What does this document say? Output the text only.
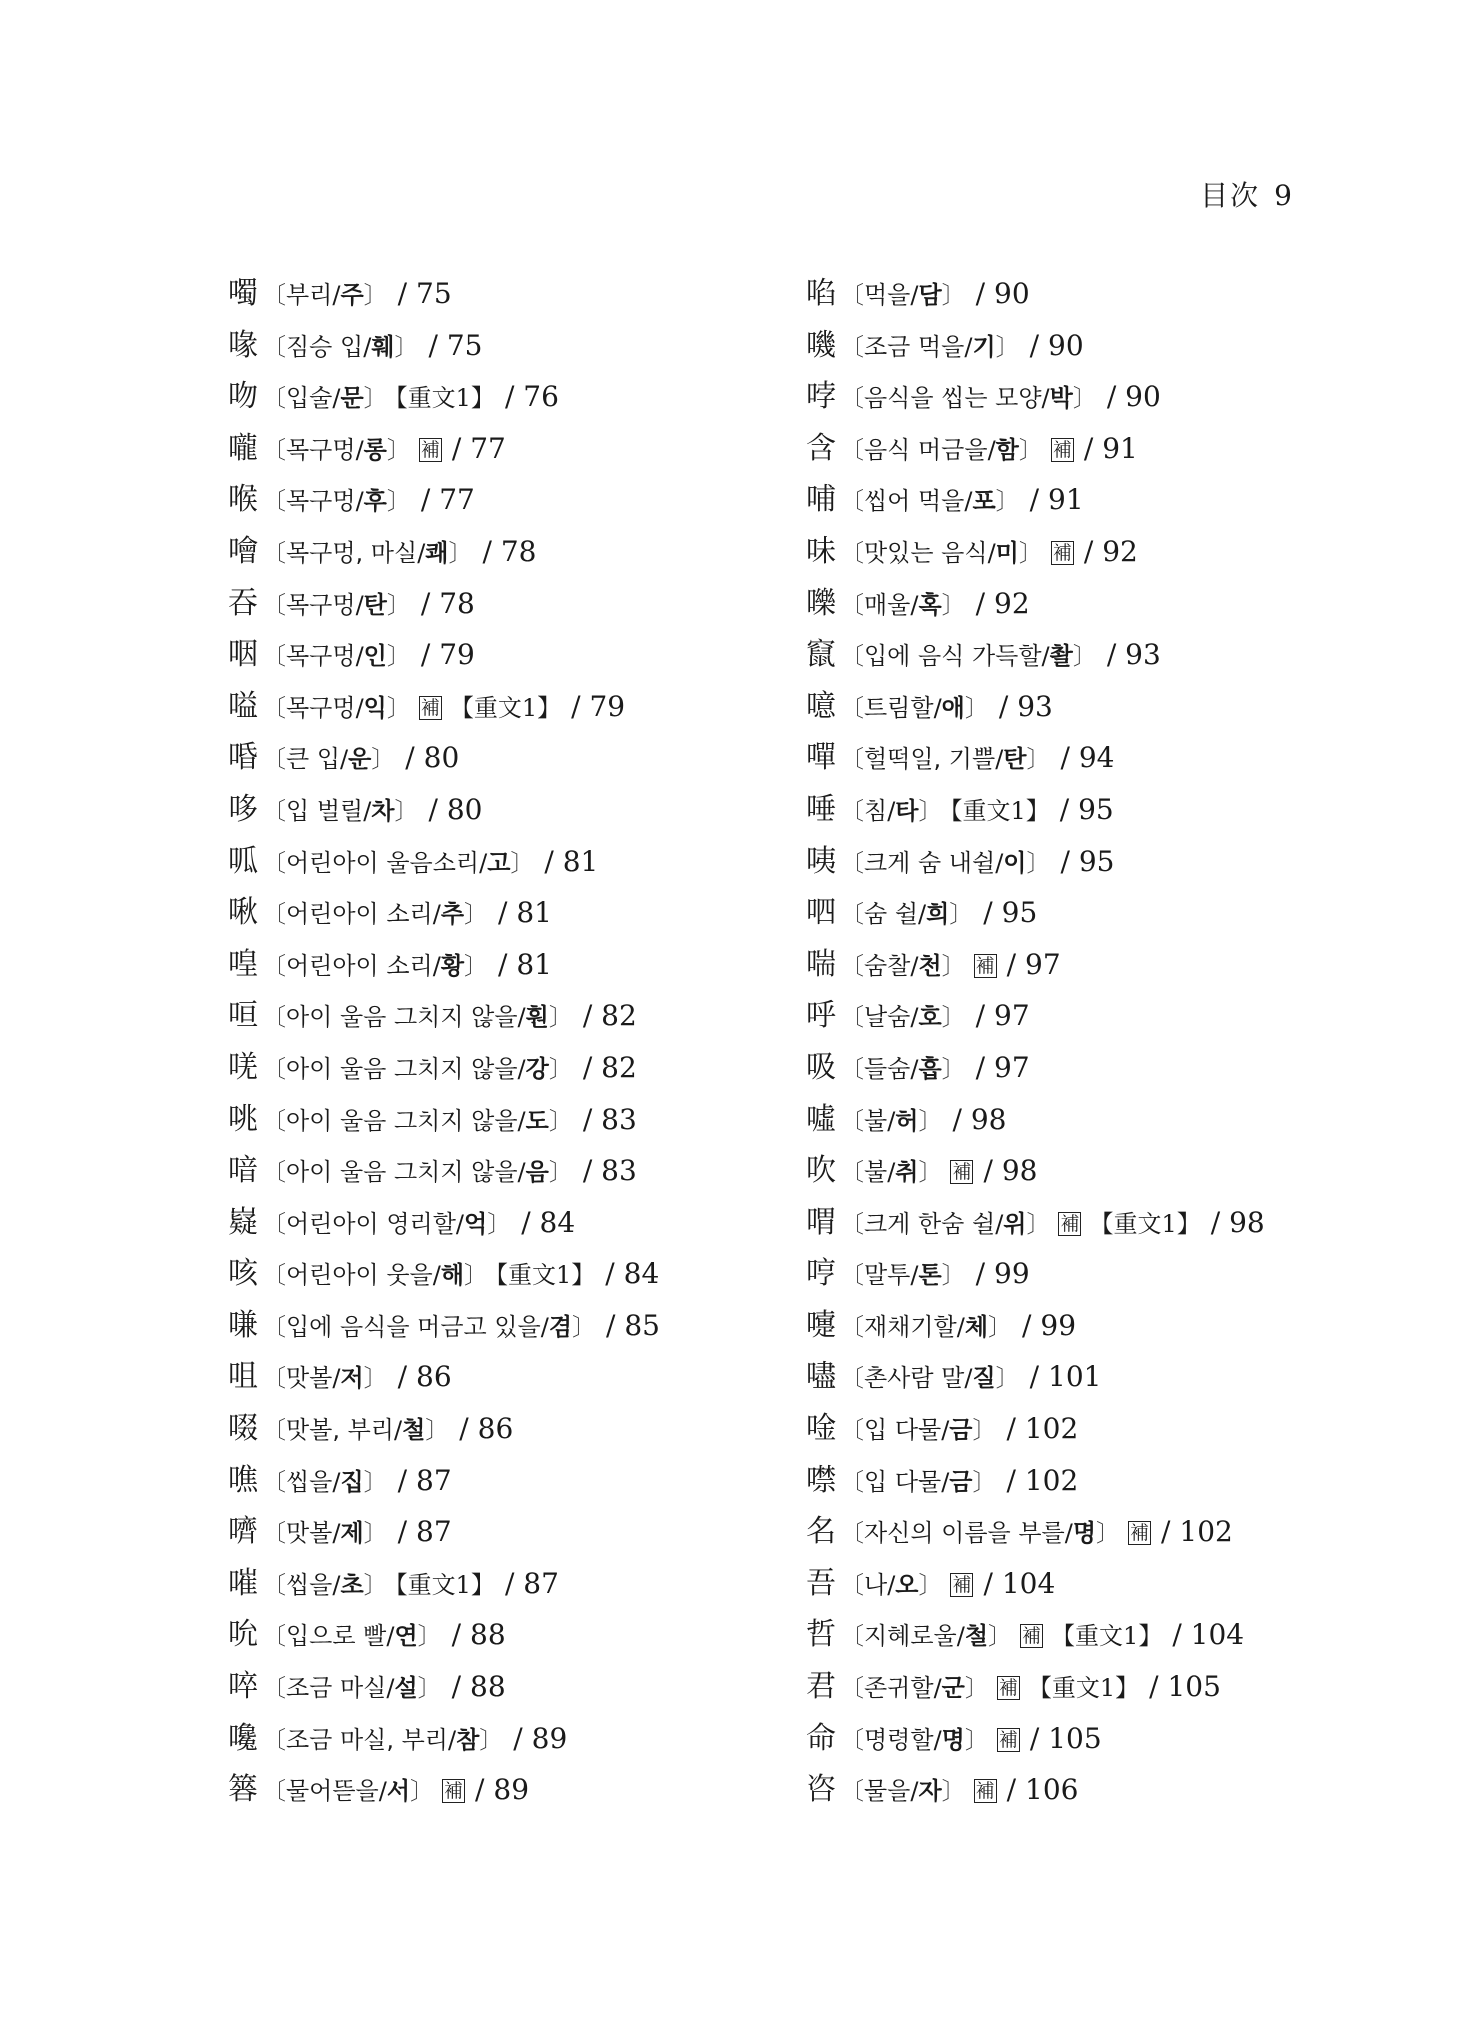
目次 9
噣 〔부리/주〕 / 75
喙 〔짐승 입/훼〕 / 75
吻 〔입술/문〕 【重文1】 / 76
嚨 〔목구멍/롱〕 補 / 77
喉 〔목구멍/후〕 / 77
噲 〔목구멍, 마실/쾌〕 / 78
吞 〔목구멍/탄〕 / 78
咽 〔목구멍/인〕 / 79
嗌 〔목구멍/익〕 補 【重文1】 / 79
㖧 〔큰 입/운〕 / 80
哆 〔입 벌릴/차〕 / 80
呱 〔어린아이 울음소리/고〕 / 81
啾 〔어린아이 소리/추〕 / 81
喤 〔어린아이 소리/황〕 / 81
咺 〔아이 울음 그치지 않을/훤〕 / 82
唴 〔아이 울음 그치지 않을/강〕 / 82
咷 〔아이 울음 그치지 않을/도〕 / 83
喑 〔아이 울음 그치지 않을/음〕 / 83
嶷 〔어린아이 영리할/억〕 / 84
咳 〔어린아이 웃을/해〕 【重文1】 / 84
嗛 〔입에 음식을 머금고 있을/겸〕 / 85
咀 〔맛볼/저〕 / 86
啜 〔맛볼, 부리/철〕 / 86
噍 〔씹을/집〕 / 87
嚌 〔맛볼/제〕 / 87
嗺 〔씹을/초〕 【重文1】 / 87
吮 〔입으로 빨/연〕 / 88
啐 〔조금 마실/설〕 / 88
嚵 〔조금 마실, 부리/참〕 / 89
簭 〔물어뜯을/서〕 補 / 89
啗 〔먹을/담〕 / 90
嘰 〔조금 먹을/기〕 / 90
哱 〔음식을 씹는 모양/박〕 / 90
含 〔음식 머금을/함〕 補 / 91
哺 〔씹어 먹을/포〕 / 91
味 〔맛있는 음식/미〕 補 / 92
嚛 〔매울/혹〕 / 92
竄 〔입에 음식 가득할/촬〕 / 93
噫 〔트림할/애〕 / 93
嘽 〔헐떡일, 기쁠/탄〕 / 94
唾 〔침/타〕 【重文1】 / 95
咦 〔크게 숨 내쉴/이〕 / 95
呬 〔숨 쉴/희〕 / 95
喘 〔숨찰/천〕 補 / 97
呼 〔날숨/호〕 / 97
吸 〔들숨/흡〕 / 97
噓 〔불/허〕 / 98
吹 〔불/취〕 補 / 98
喟 〔크게 한숨 쉴/위〕 補 【重文1】 / 98
哼 〔말투/톤〕 / 99
嚏 〔재채기할/체〕 / 99
嚍 〔촌사람 말/질〕 / 101
唫 〔입 다물/금〕 / 102
噤 〔입 다물/금〕 / 102
名 〔자신의 이름을 부를/명〕 補 / 102
吾 〔나/오〕 補 / 104
哲 〔지혜로울/철〕 補 【重文1】 / 104
君 〔존귀할/군〕 補 【重文1】 / 105
命 〔명령할/명〕 補 / 105
咨 〔물을/자〕 補 / 106
